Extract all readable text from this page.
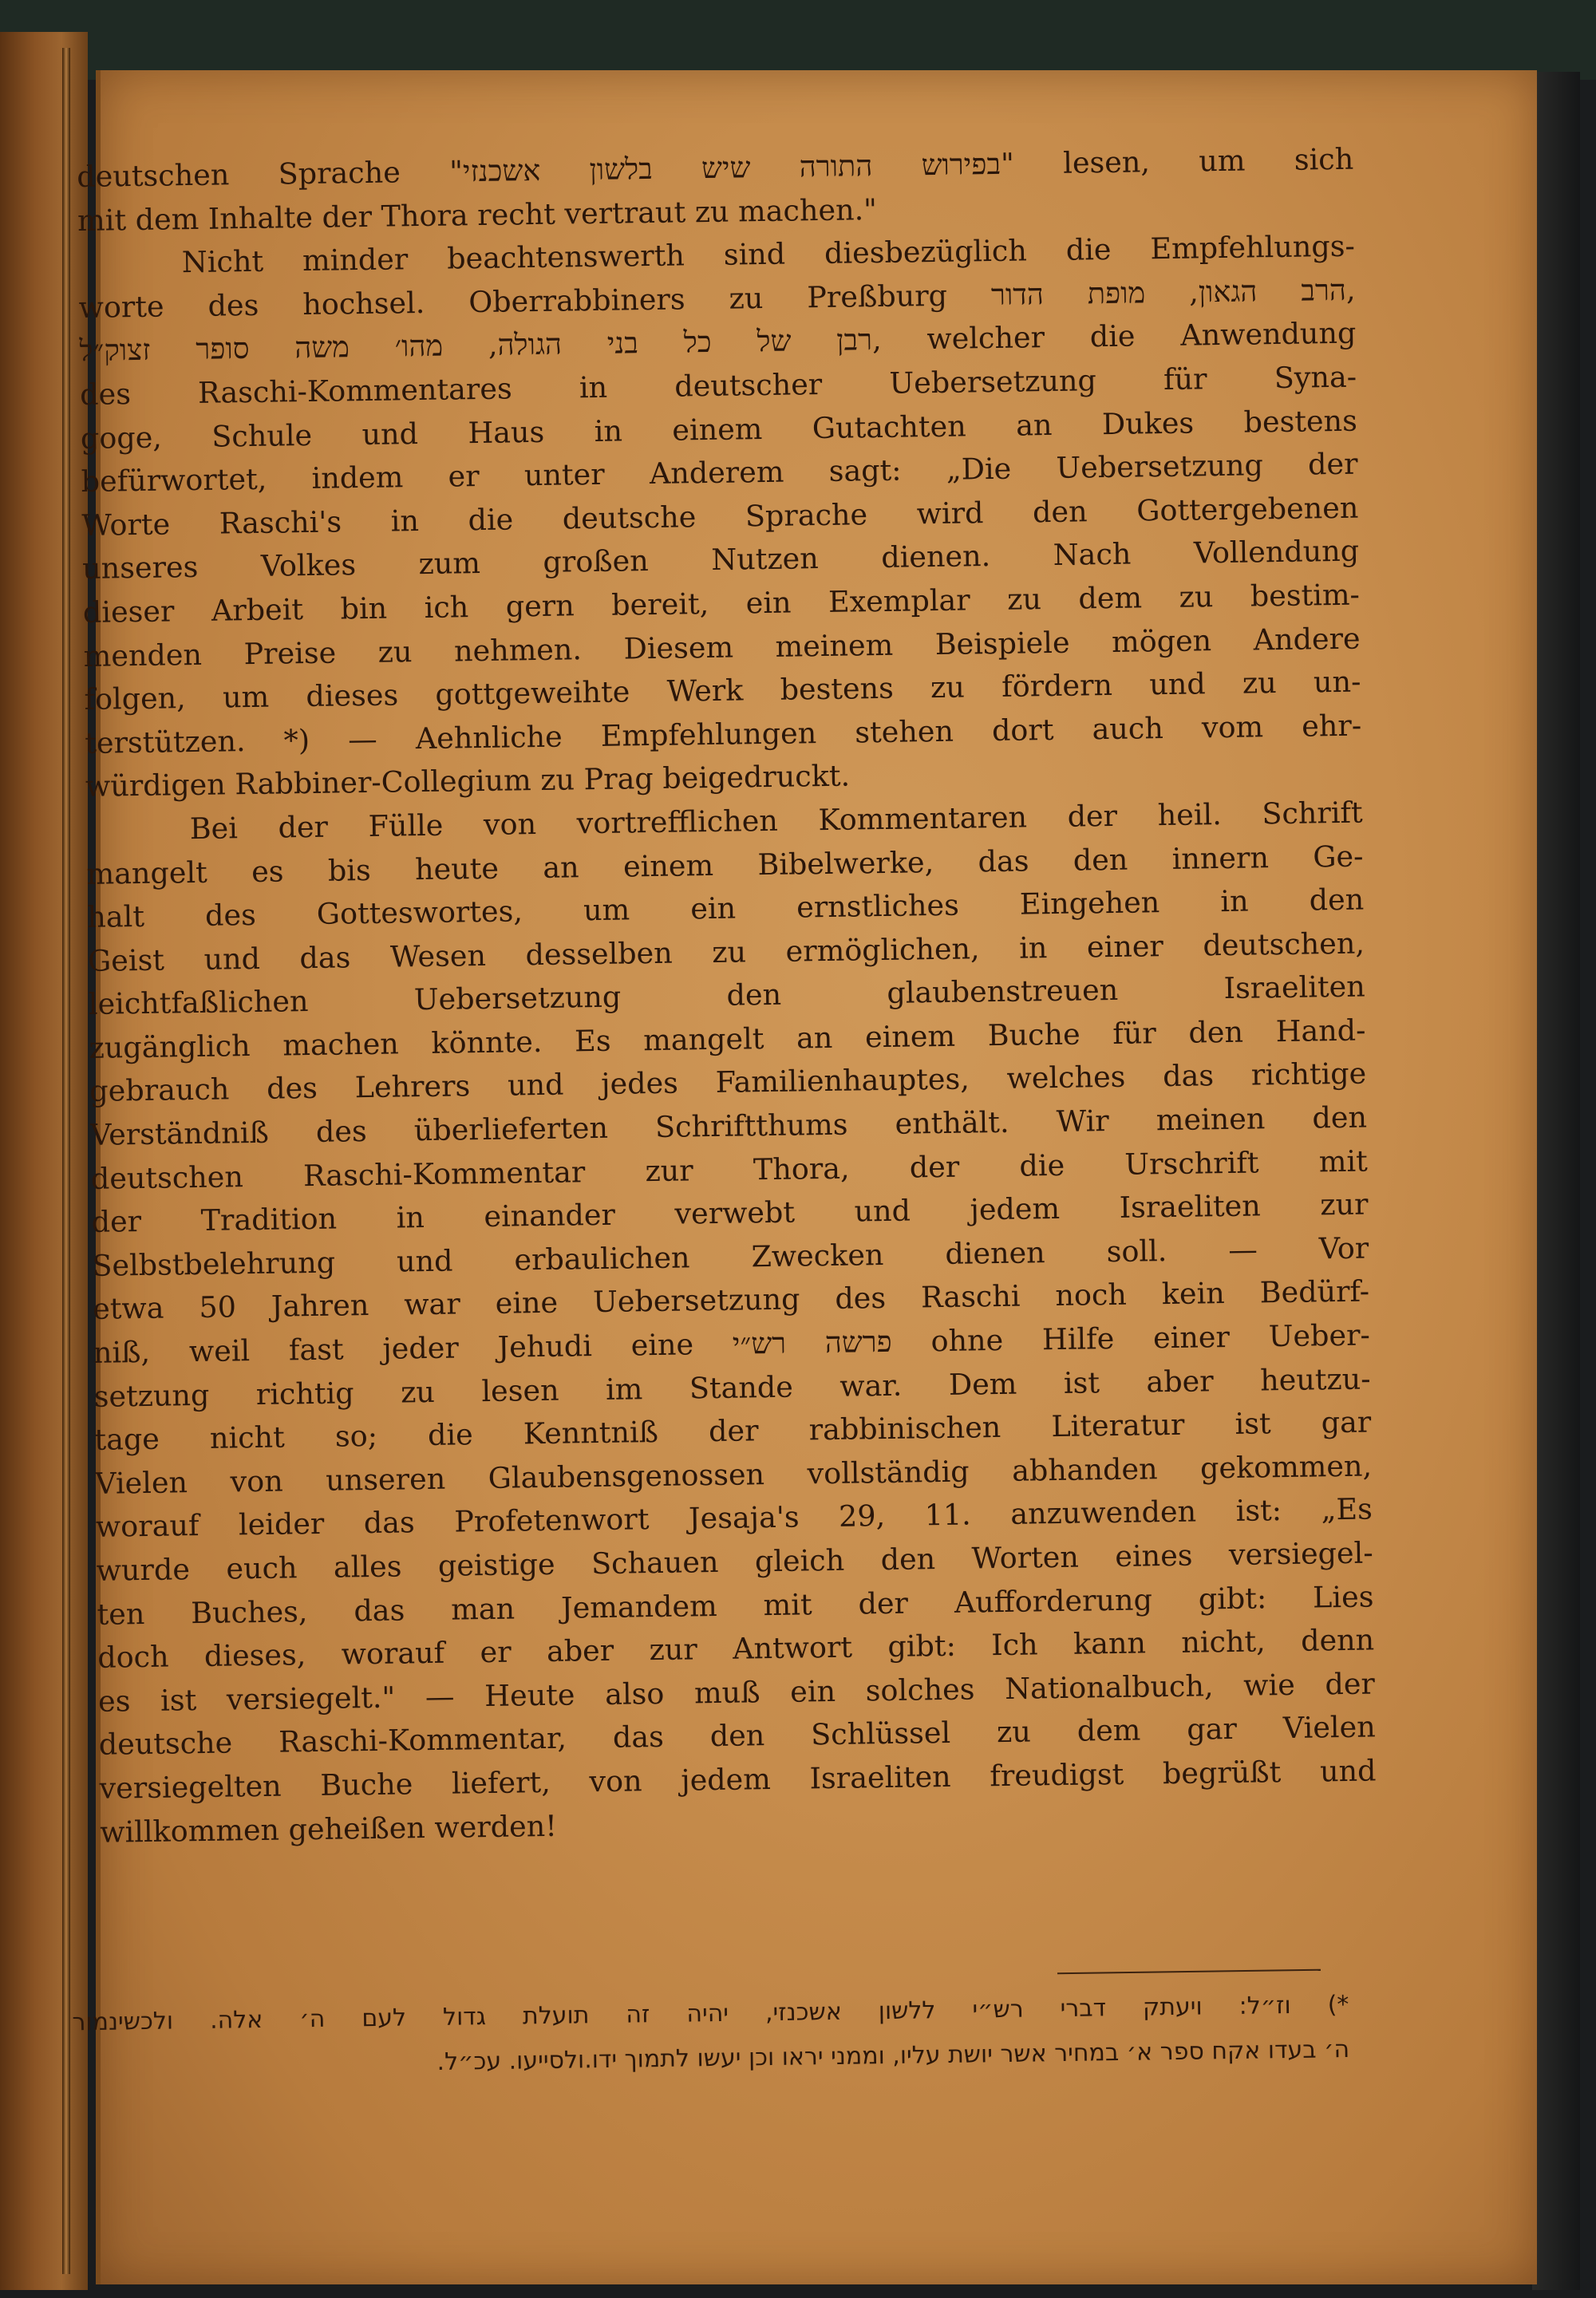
deutschen Sprache "בפירוש התורה שיש בלשון אשכנזי" lesen, um sich
mit dem Inhalte der Thora recht vertraut zu machen."
Nicht minder beachtenswerth sind diesbezüglich die Empfehlungs-
worte des hochsel. Oberrabbiners zu Preßburg הרב הגאון, מופת הדור,
רבן של כל בני הגולה, מהו׳ משה סופר זצוק״ל, welcher die Anwendung
des Raschi-Kommentares in deutscher Uebersetzung für Syna-
goge, Schule und Haus in einem Gutachten an Dukes bestens
befürwortet, indem er unter Anderem sagt: „Die Uebersetzung der
Worte Raschi's in die deutsche Sprache wird den Gottergebenen
unseres Volkes zum großen Nutzen dienen. Nach Vollendung
dieser Arbeit bin ich gern bereit, ein Exemplar zu dem zu bestim-
menden Preise zu nehmen. Diesem meinem Beispiele mögen Andere
folgen, um dieses gottgeweihte Werk bestens zu fördern und zu un-
terstützen. *) — Aehnliche Empfehlungen stehen dort auch vom ehr-
würdigen Rabbiner-Collegium zu Prag beigedruckt.
Bei der Fülle von vortrefflichen Kommentaren der heil. Schrift
mangelt es bis heute an einem Bibelwerke, das den innern Ge-
halt des Gotteswortes, um ein ernstliches Eingehen in den
Geist und das Wesen desselben zu ermöglichen, in einer deutschen,
leichtfaßlichen Uebersetzung den glaubenstreuen Israeliten
zugänglich machen könnte. Es mangelt an einem Buche für den Hand-
gebrauch des Lehrers und jedes Familienhauptes, welches das richtige
Verständniß des überlieferten Schriftthums enthält. Wir meinen den
deutschen Raschi-Kommentar zur Thora, der die Urschrift mit
der Tradition in einander verwebt und jedem Israeliten zur
Selbstbelehrung und erbaulichen Zwecken dienen soll. — Vor
etwa 50 Jahren war eine Uebersetzung des Raschi noch kein Bedürf-
niß, weil fast jeder Jehudi eine פרשה רש״י ohne Hilfe einer Ueber-
setzung richtig zu lesen im Stande war. Dem ist aber heutzu-
tage nicht so; die Kenntniß der rabbinischen Literatur ist gar
Vielen von unseren Glaubensgenossen vollständig abhanden gekommen,
worauf leider das Profetenwort Jesaja's 29, 11. anzuwenden ist: „Es
wurde euch alles geistige Schauen gleich den Worten eines versiegel-
ten Buches, das man Jemandem mit der Aufforderung gibt: Lies
doch dieses, worauf er aber zur Antwort gibt: Ich kann nicht, denn
es ist versiegelt." — Heute also muß ein solches Nationalbuch, wie der
deutsche Raschi-Kommentar, das den Schlüssel zu dem gar Vielen
versiegelten Buche liefert, von jedem Israeliten freudigst begrüßt und
willkommen geheißen werden!
*) וז״ל: ויעתק דברי רש״י ללשון אשכנזי, יהיה זה תועלת גדול לעם ה׳ אלה. ולכשינמור
ה׳ בעדו אקח ספר א׳ במחיר אשר יושת עליו, וממני יראו וכן יעשו לתמוך ידו.ולסייעו. עכ״ל.
